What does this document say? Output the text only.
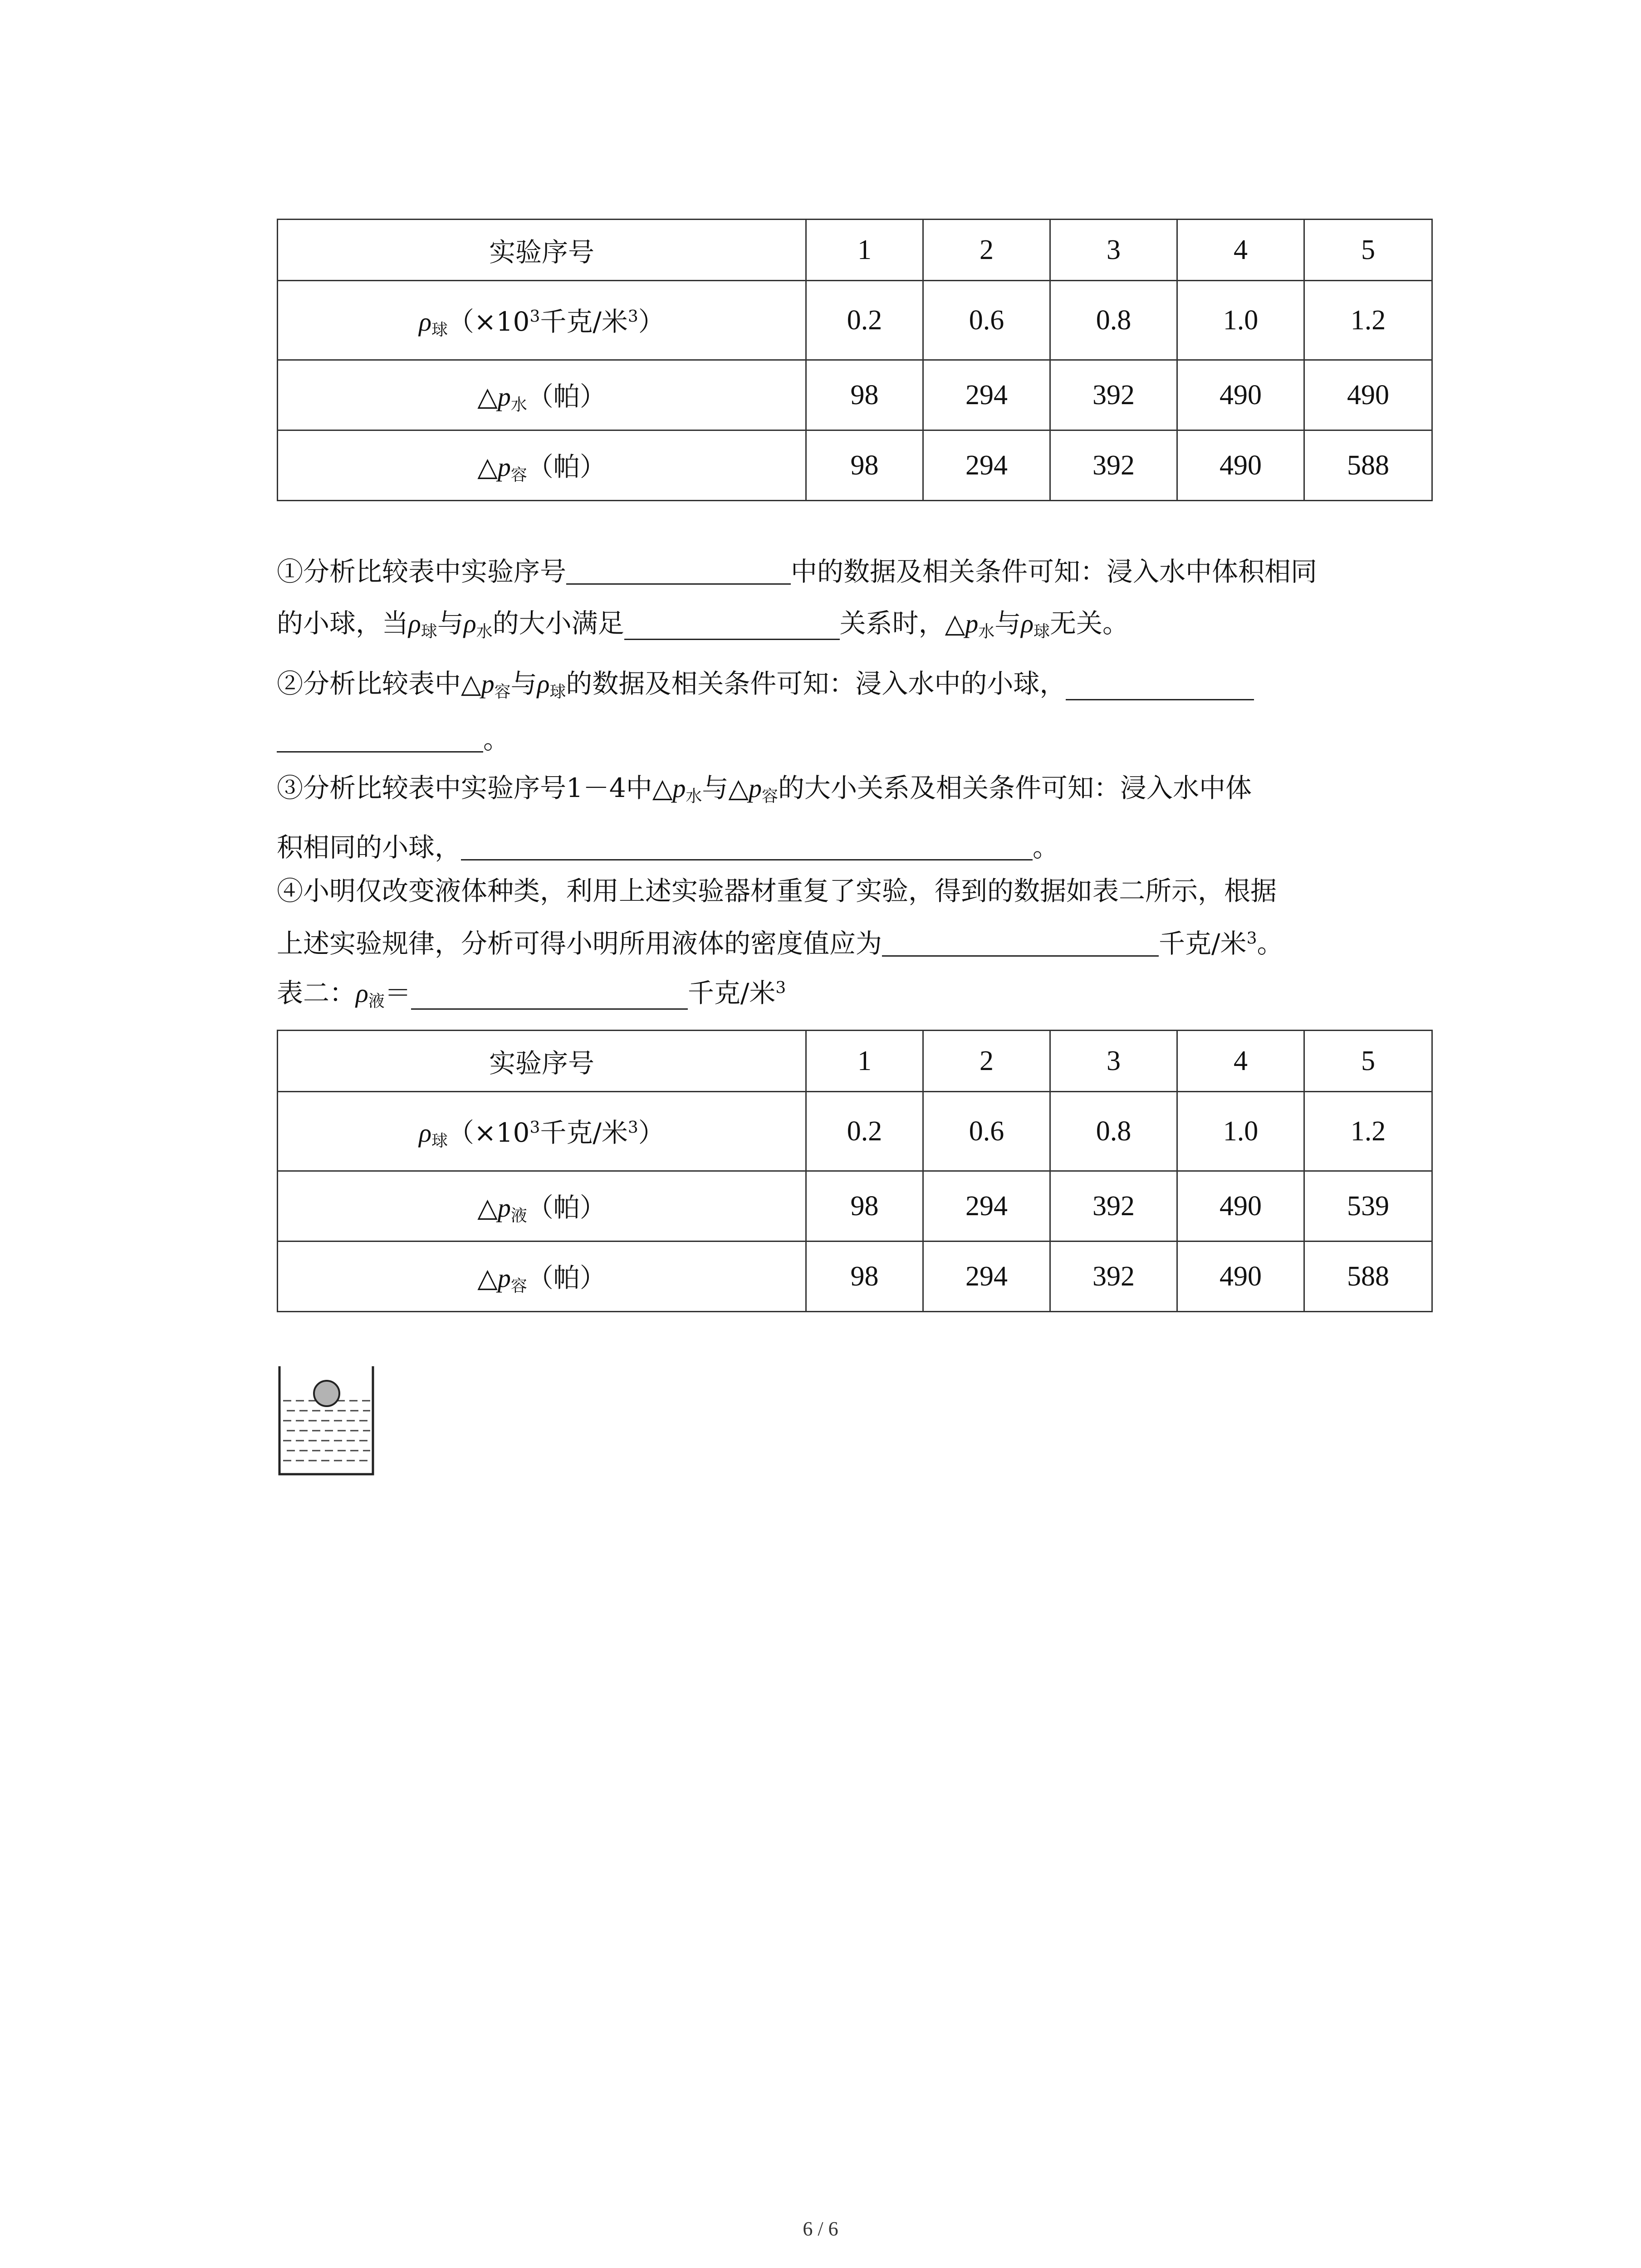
实验序号	1	2	3	4	5
$\rho_球(\times 10^3$千克/米$^3$）	0.2	0.6	0.8	1.0	1.2
$\triangle p_水$（帕）	98	294	392	490	490
$\triangle p_容$（帕）	98	294	392	490	588
①分析比较表中实验序号	中的数据及相关条件可知：浸入水中体积相同
的小球，当$\rho_球$与$\rho_水$的大小满足	关系时，$\triangle p_水$与$\rho_球$无关。
②分析比较表中$\triangle p_容$与$\rho_球$的数据及相关条件可知：浸入水中的小球，
。
③分析比较表中实验序号1－4中$\triangle p_水$与$\triangle p_容$的大小关系及相关条件可知：浸入水中体
积相同的小球，	。
④小明仅改变液体种类，利用上述实验器材重复了实验，得到的数据如表二所示，根据
上述实验规律，分析可得小明所用液体的密度值应为	千克/米$^3$。
表二：$\rho_液=$	千克/米$^3$
实验序号	1	2	3	4	5
$\rho_球(\times 10^3$千克/米$^3$）	0.2	0.6	0.8	1.0	1.2
$\triangle p_液$（帕）	98	294	392	490	539
$\triangle p_容$（帕）	98	294	392	490	588
6 / 6
